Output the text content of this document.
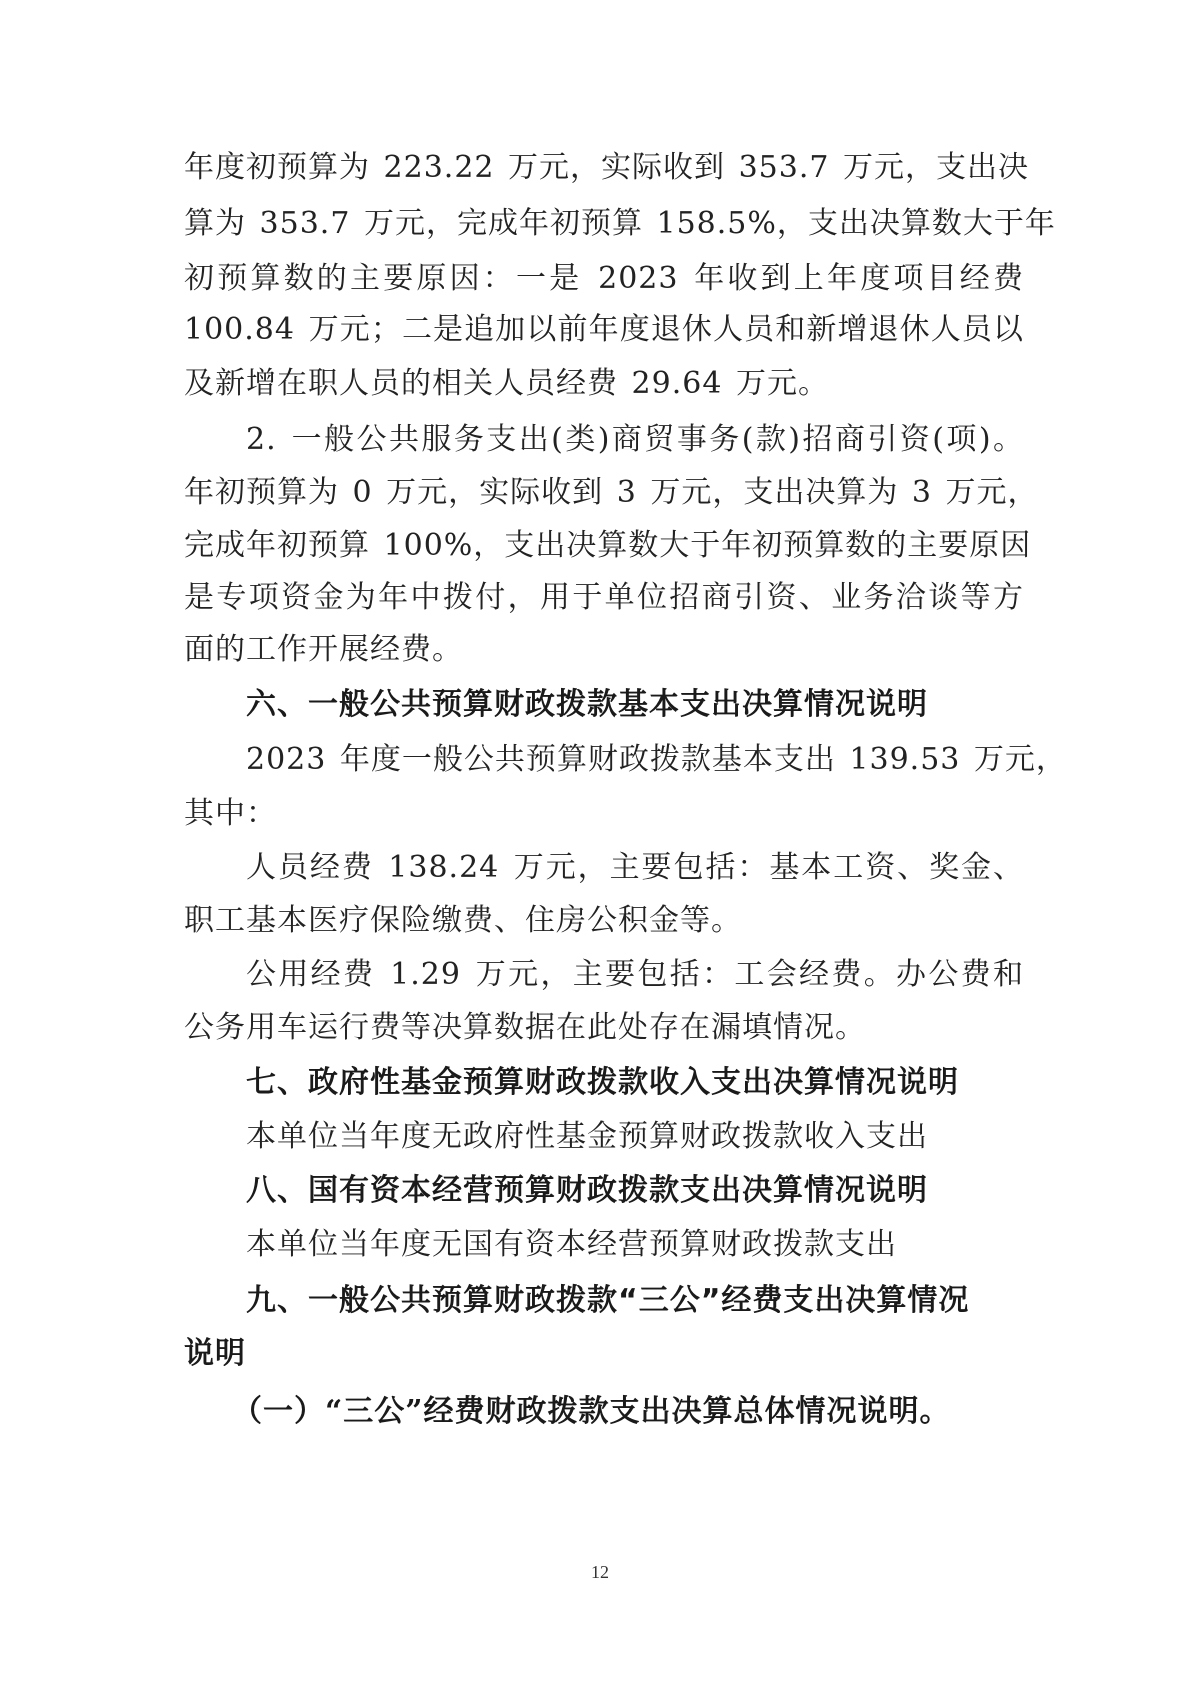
年度初预算为 223.22 万元，实际收到 353.7 万元，支出决
算为 353.7 万元，完成年初预算 158.5%，支出决算数大于年
初预算数的主要原因：一是 2023 年收到上年度项目经费
100.84 万元；二是追加以前年度退休人员和新增退休人员以
及新增在职人员的相关人员经费 29.64 万元。
2. 一般公共服务支出(类)商贸事务(款)招商引资(项)。
年初预算为 0 万元，实际收到 3 万元，支出决算为 3 万元，
完成年初预算 100%，支出决算数大于年初预算数的主要原因
是专项资金为年中拨付，用于单位招商引资、业务洽谈等方
面的工作开展经费。
六、一般公共预算财政拨款基本支出决算情况说明
2023 年度一般公共预算财政拨款基本支出 139.53 万元，
其中：
人员经费 138.24 万元，主要包括：基本工资、奖金、
职工基本医疗保险缴费、住房公积金等。
公用经费 1.29 万元，主要包括：工会经费。办公费和
公务用车运行费等决算数据在此处存在漏填情况。
七、政府性基金预算财政拨款收入支出决算情况说明
本单位当年度无政府性基金预算财政拨款收入支出
八、国有资本经营预算财政拨款支出决算情况说明
本单位当年度无国有资本经营预算财政拨款支出
九、一般公共预算财政拨款“三公”经费支出决算情况
说明
（一）“三公”经费财政拨款支出决算总体情况说明。
12
